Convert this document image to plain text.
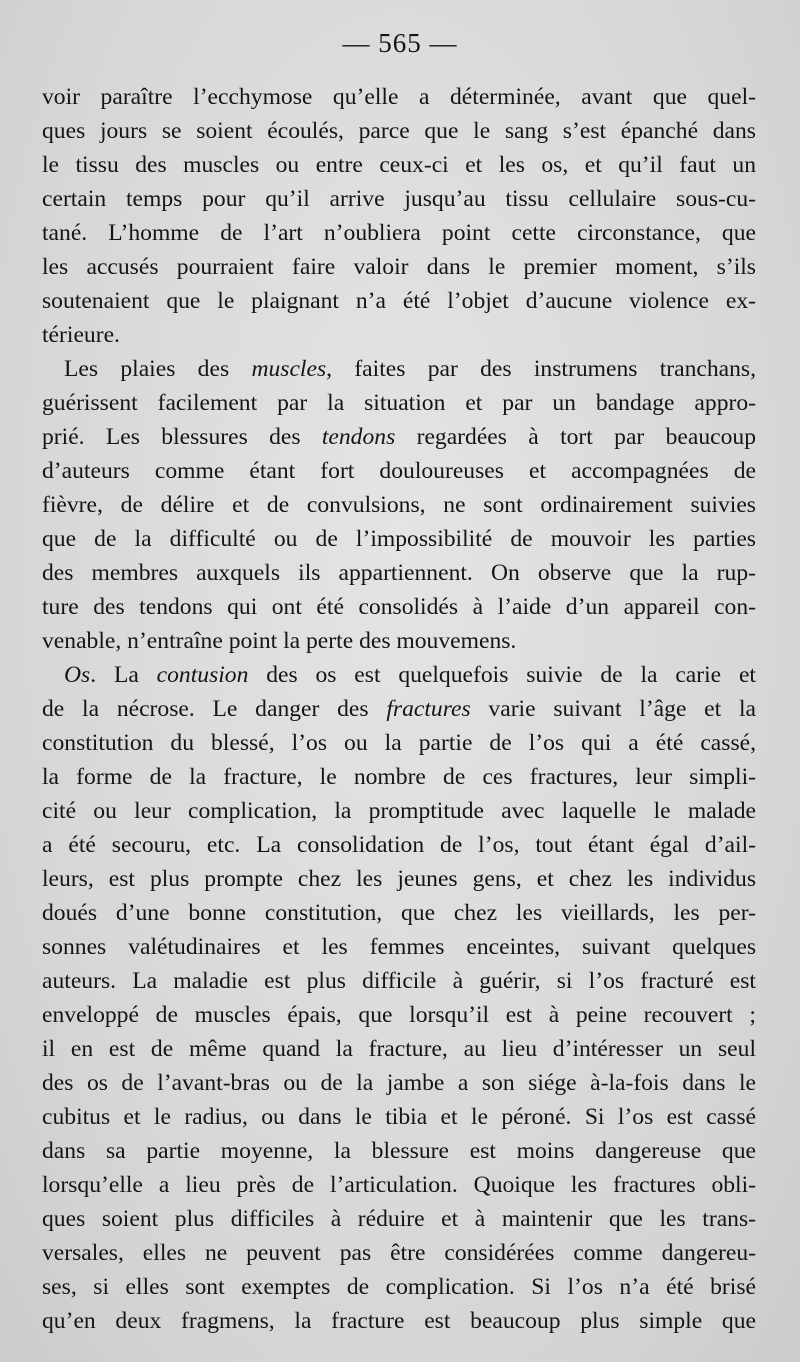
— 565 —
voir paraître l’ecchymose qu’elle a déterminée, avant que quel-
ques jours se soient écoulés, parce que le sang s’est épanché dans
le tissu des muscles ou entre ceux-ci et les os, et qu’il faut un
certain temps pour qu’il arrive jusqu’au tissu cellulaire sous-cu-
tané. L’homme de l’art n’oubliera point cette circonstance, que
les accusés pourraient faire valoir dans le premier moment, s’ils
soutenaient que le plaignant n’a été l’objet d’aucune violence ex-
térieure.
Les plaies des muscles, faites par des instrumens tranchans,
guérissent facilement par la situation et par un bandage appro-
prié. Les blessures des tendons regardées à tort par beaucoup
d’auteurs comme étant fort douloureuses et accompagnées de
fièvre, de délire et de convulsions, ne sont ordinairement suivies
que de la difficulté ou de l’impossibilité de mouvoir les parties
des membres auxquels ils appartiennent. On observe que la rup-
ture des tendons qui ont été consolidés à l’aide d’un appareil con-
venable, n’entraîne point la perte des mouvemens.
Os. La contusion des os est quelquefois suivie de la carie et
de la nécrose. Le danger des fractures varie suivant l’âge et la
constitution du blessé, l’os ou la partie de l’os qui a été cassé,
la forme de la fracture, le nombre de ces fractures, leur simpli-
cité ou leur complication, la promptitude avec laquelle le malade
a été secouru, etc. La consolidation de l’os, tout étant égal d’ail-
leurs, est plus prompte chez les jeunes gens, et chez les individus
doués d’une bonne constitution, que chez les vieillards, les per-
sonnes valétudinaires et les femmes enceintes, suivant quelques
auteurs. La maladie est plus difficile à guérir, si l’os fracturé est
enveloppé de muscles épais, que lorsqu’il est à peine recouvert ;
il en est de même quand la fracture, au lieu d’intéresser un seul
des os de l’avant-bras ou de la jambe a son siége à-la-fois dans le
cubitus et le radius, ou dans le tibia et le péroné. Si l’os est cassé
dans sa partie moyenne, la blessure est moins dangereuse que
lorsqu’elle a lieu près de l’articulation. Quoique les fractures obli-
ques soient plus difficiles à réduire et à maintenir que les trans-
versales, elles ne peuvent pas être considérées comme dangereu-
ses, si elles sont exemptes de complication. Si l’os n’a été brisé
qu’en deux fragmens, la fracture est beaucoup plus simple que
